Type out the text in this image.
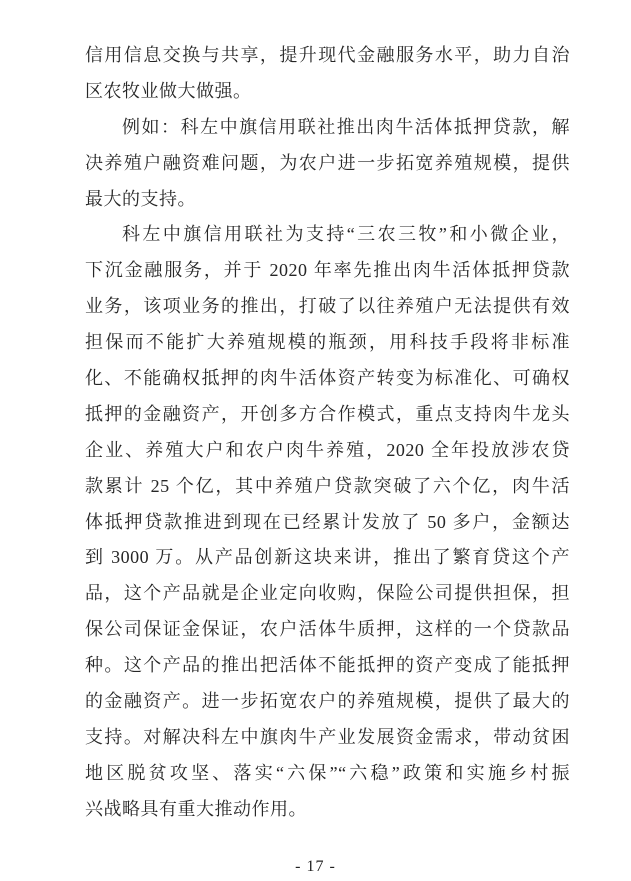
信用信息交换与共享，提升现代金融服务水平，助力自治
区农牧业做大做强。
例如：科左中旗信用联社推出肉牛活体抵押贷款，解
决养殖户融资难问题，为农户进一步拓宽养殖规模，提供
最大的支持。
科左中旗信用联社为支持“三农三牧”和小微企业，
下沉金融服务，并于 2020 年率先推出肉牛活体抵押贷款
业务，该项业务的推出，打破了以往养殖户无法提供有效
担保而不能扩大养殖规模的瓶颈，用科技手段将非标准
化、不能确权抵押的肉牛活体资产转变为标准化、可确权
抵押的金融资产，开创多方合作模式，重点支持肉牛龙头
企业、养殖大户和农户肉牛养殖，2020 全年投放涉农贷
款累计 25 个亿，其中养殖户贷款突破了六个亿，肉牛活
体抵押贷款推进到现在已经累计发放了 50 多户，金额达
到 3000 万。从产品创新这块来讲，推出了繁育贷这个产
品，这个产品就是企业定向收购，保险公司提供担保，担
保公司保证金保证，农户活体牛质押，这样的一个贷款品
种。这个产品的推出把活体不能抵押的资产变成了能抵押
的金融资产。进一步拓宽农户的养殖规模，提供了最大的
支持。对解决科左中旗肉牛产业发展资金需求，带动贫困
地区脱贫攻坚、落实“六保”“六稳”政策和实施乡村振
兴战略具有重大推动作用。
- 17 -
